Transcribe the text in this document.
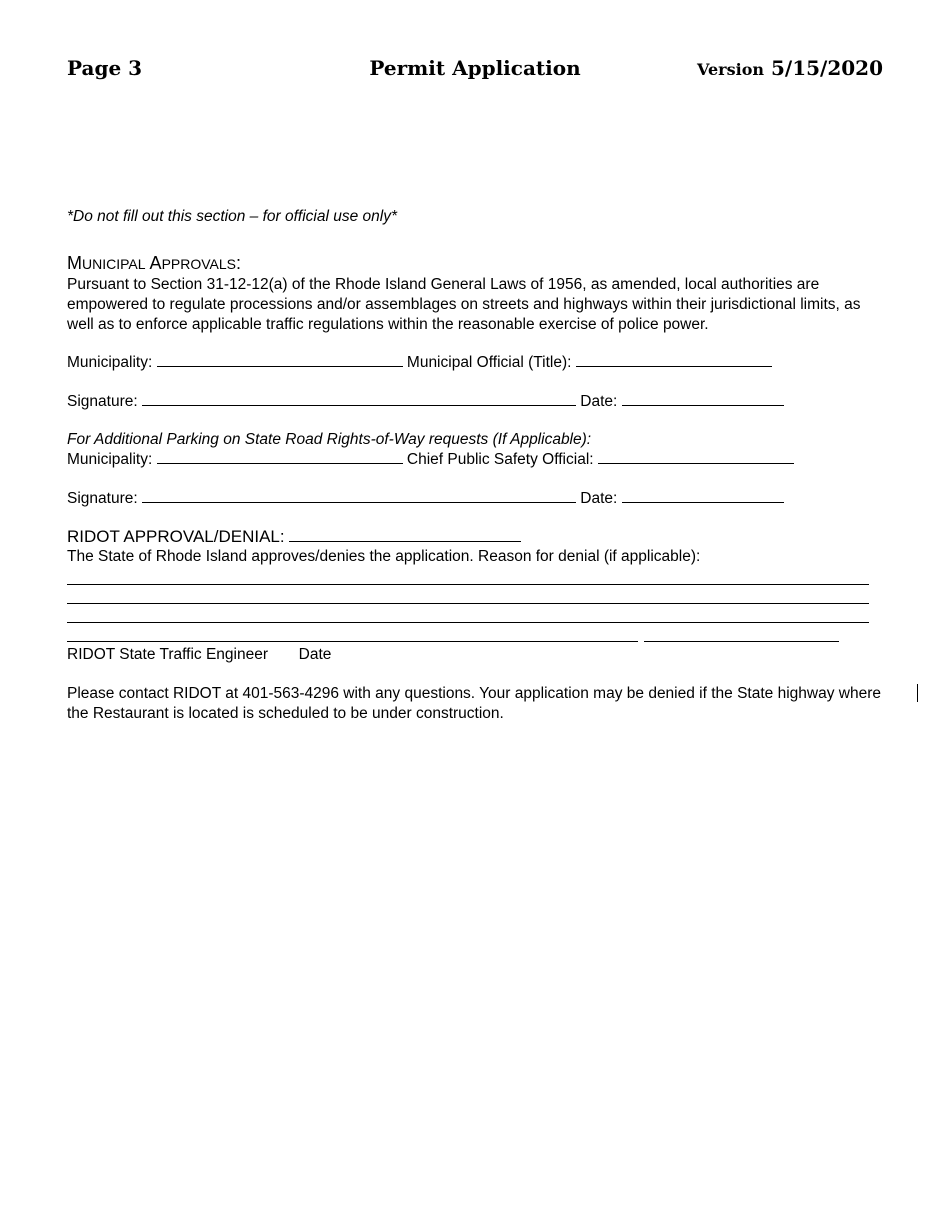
Page 3	Permit Application	Version 5/15/2020
*Do not fill out this section – for official use only*
MUNICIPAL APPROVALS:
Pursuant to Section 31-12-12(a) of the Rhode Island General Laws of 1956, as amended, local authorities are empowered to regulate processions and/or assemblages on streets and highways within their jurisdictional limits, as well as to enforce applicable traffic regulations within the reasonable exercise of police power.
Municipality:	Municipal Official (Title):
Signature:	Date:
For Additional Parking on State Road Rights-of-Way requests (If Applicable):
Municipality:	Chief Public Safety Official:
Signature:	Date:
RIDOT APPROVAL/DENIAL:
The State of Rhode Island approves/denies the application. Reason for denial (if applicable):
RIDOT State Traffic Engineer Date
Please contact RIDOT at 401-563-4296 with any questions. Your application may be denied if the State highway where the Restaurant is located is scheduled to be under construction.
